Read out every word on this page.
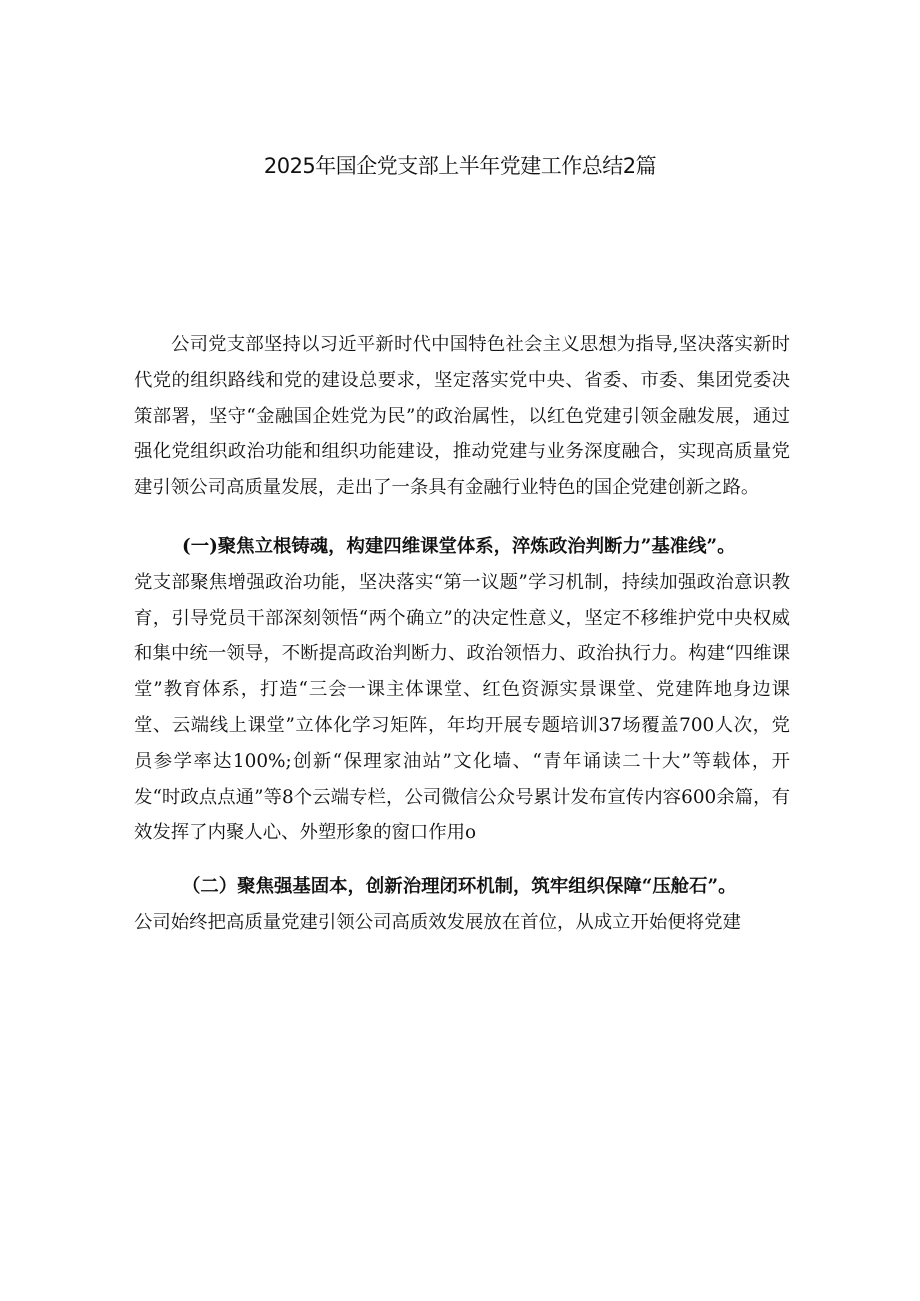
2025年国企党支部上半年党建工作总结2篇

公司党支部坚持以习近平新时代中国特色社会主义思想为指导,坚决落实新时代党的组织路线和党的建设总要求，坚定落实党中央、省委、市委、集团党委决策部署，坚守“金融国企姓党为民”的政治属性，以红色党建引领金融发展，通过强化党组织政治功能和组织功能建设，推动党建与业务深度融合，实现高质量党建引领公司高质量发展，走出了一条具有金融行业特色的国企党建创新之路。

(一)聚焦立根铸魂，构建四维课堂体系，淬炼政治判断力”基准线”。

党支部聚焦增强政治功能，坚决落实“第一议题”学习机制，持续加强政治意识教育，引导党员干部深刻领悟“两个确立”的决定性意义，坚定不移维护党中央权威和集中统一领导，不断提高政治判断力、政治领悟力、政治执行力。构建“四维课堂”教育体系，打造“三会一课主体课堂、红色资源实景课堂、党建阵地身边课堂、云端线上课堂”立体化学习矩阵，年均开展专题培训37场覆盖700人次，党员参学率达100%;创新“保理家油站”文化墙、“青年诵读二十大”等载体，开发“时政点点通”等8个云端专栏，公司微信公众号累计发布宣传内容600余篇，有效发挥了内聚人心、外塑形象的窗口作用o

（二）聚焦强基固本，创新治理闭环机制，筑牢组织保障“压舱石”。

公司始终把高质量党建引领公司高质效发展放在首位，从成立开始便将党建
